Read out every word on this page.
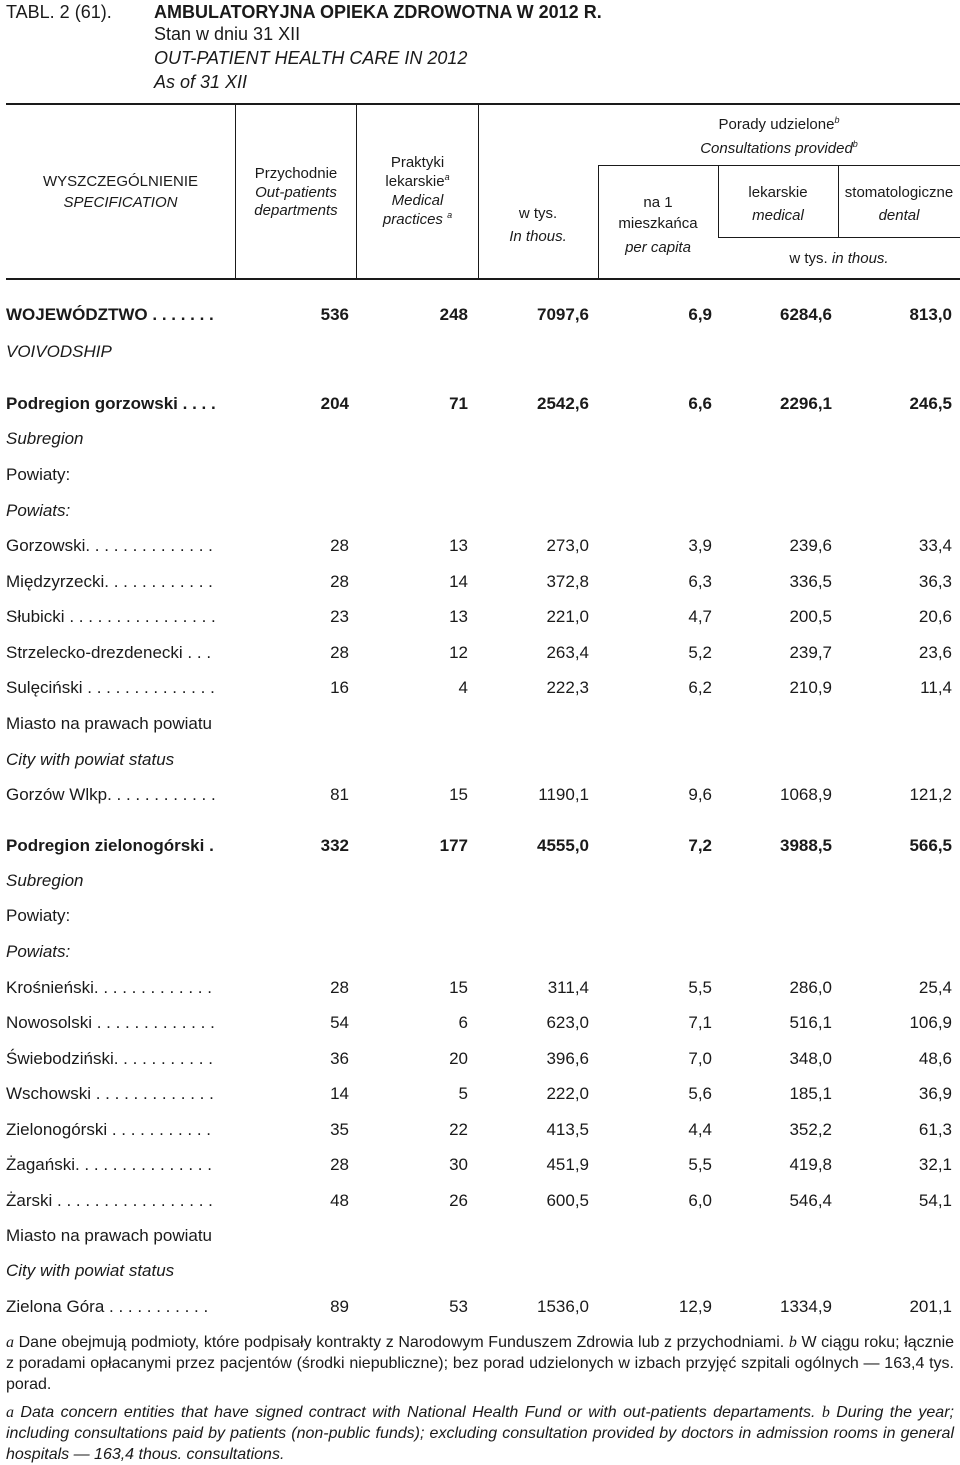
TABL. 2 (61). AMBULATORYJNA OPIEKA ZDROWOTNA W 2012 R.
Stan w dniu 31 XII
OUT-PATIENT HEALTH CARE IN 2012
As of 31 XII
WYSZCZEGÓLNIENIE
SPECIFICATION
Przychodnie
Out-patients
departments
Praktyki
lekarskie$^a$
Medical
practices $^a$
Porady udzielone$^b$
Consultations provided$^b$
w tys.
In thous.
na 1
mieszkańca
per capita
lekarskie
medical
stomatologiczne
dental
w tys. in thous.
WOJEWÓDZTWO . . . . . . .	536	248	7097,6	6,9	6284,6	813,0
VOIVODSHIP
Podregion gorzowski . . . .	204	71	2542,6	6,6	2296,1	246,5
Subregion
Powiaty:
Powiats:
Gorzowski. . . . . . . . . . . . . .	28	13	273,0	3,9	239,6	33,4
Międzyrzecki. . . . . . . . . . . .	28	14	372,8	6,3	336,5	36,3
Słubicki . . . . . . . . . . . . . . . .	23	13	221,0	4,7	200,5	20,6
Strzelecko-drezdenecki . . .	28	12	263,4	5,2	239,7	23,6
Sulęciński . . . . . . . . . . . . . .	16	4	222,3	6,2	210,9	11,4
Miasto na prawach powiatu
City with powiat status
Gorzów Wlkp. . . . . . . . . . . .	81	15	1190,1	9,6	1068,9	121,2
Podregion zielonogórski .	332	177	4555,0	7,2	3988,5	566,5
Subregion
Powiaty:
Powiats:
Krośnieński. . . . . . . . . . . . .	28	15	311,4	5,5	286,0	25,4
Nowosolski . . . . . . . . . . . . .	54	6	623,0	7,1	516,1	106,9
Świebodziński. . . . . . . . . . .	36	20	396,6	7,0	348,0	48,6
Wschowski . . . . . . . . . . . . .	14	5	222,0	5,6	185,1	36,9
Zielonogórski . . . . . . . . . . .	35	22	413,5	4,4	352,2	61,3
Żagański. . . . . . . . . . . . . . .	28	30	451,9	5,5	419,8	32,1
Żarski . . . . . . . . . . . . . . . . .	48	26	600,5	6,0	546,4	54,1
Miasto na prawach powiatu
City with powiat status
Zielona Góra . . . . . . . . . . .	89	53	1536,0	12,9	1334,9	201,1
a Dane obejmują podmioty, które podpisały kontrakty z Narodowym Funduszem Zdrowia lub z przychodniami. b W ciągu roku; łącznie z poradami opłacanymi przez pacjentów (środki niepubliczne); bez porad udzielonych w izbach przyjęć szpitali ogólnych — 163,4 tys. porad.
a Data concern entities that have signed contract with National Health Fund or with out-patients departaments. b During the year; including consultations paid by patients (non-public funds); excluding consultation provided by doctors in admission rooms in general hospitals — 163,4 thous. consultations.
